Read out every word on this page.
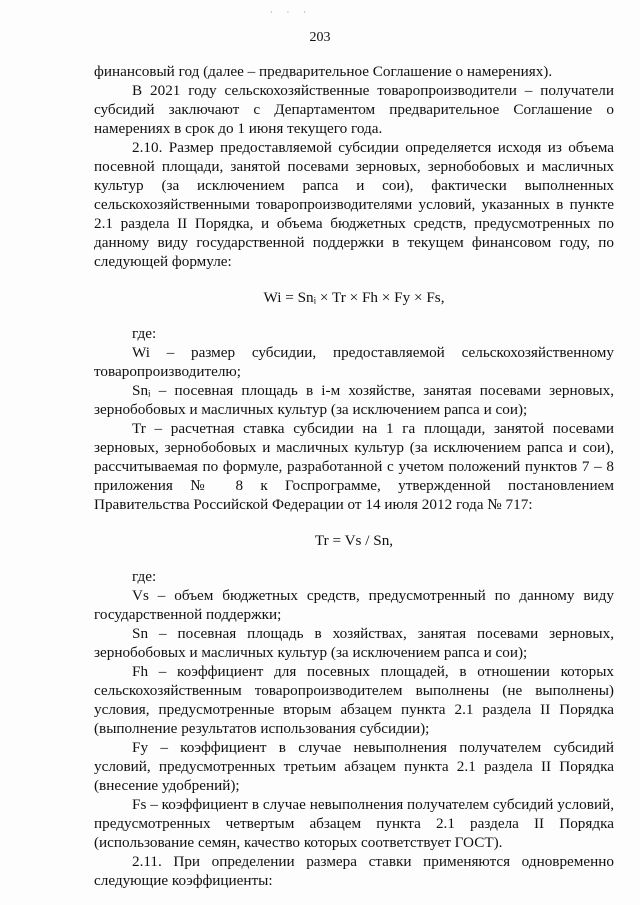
· · ·
203

финансовый год (далее – предварительное Соглашение о намерениях).

В 2021 году сельскохозяйственные товаропроизводители – получатели субсидий заключают с Департаментом предварительное Соглашение о намерениях в срок до 1 июня текущего года.

2.10. Размер предоставляемой субсидии определяется исходя из объема посевной площади, занятой посевами зерновых, зернобобовых и масличных культур (за исключением рапса и сои), фактически выполненных сельскохозяйственными товаропроизводителями условий, указанных в пункте 2.1 раздела II Порядка, и объема бюджетных средств, предусмотренных по данному виду государственной поддержки в текущем финансовом году, по следующей формуле:

Wi = Snᵢ × Tr × Fh × Fy × Fs,

где:

Wi – размер субсидии, предоставляемой сельскохозяйственному товаропроизводителю;

Snᵢ – посевная площадь в i-м хозяйстве, занятая посевами зерновых, зернобобовых и масличных культур (за исключением рапса и сои);

Tr – расчетная ставка субсидии на 1 га площади, занятой посевами зерновых, зернобобовых и масличных культур (за исключением рапса и сои), рассчитываемая по формуле, разработанной с учетом положений пунктов 7 – 8 приложения № 8 к Госпрограмме, утвержденной постановлением Правительства Российской Федерации от 14 июля 2012 года № 717:

Tr = Vs / Sn,

где:

Vs – объем бюджетных средств, предусмотренный по данному виду государственной поддержки;

Sn – посевная площадь в хозяйствах, занятая посевами зерновых, зернобобовых и масличных культур (за исключением рапса и сои);

Fh – коэффициент для посевных площадей, в отношении которых сельскохозяйственным товаропроизводителем выполнены (не выполнены) условия, предусмотренные вторым абзацем пункта 2.1 раздела II Порядка (выполнение результатов использования субсидии);

Fy – коэффициент в случае невыполнения получателем субсидий условий, предусмотренных третьим абзацем пункта 2.1 раздела II Порядка (внесение удобрений);

Fs – коэффициент в случае невыполнения получателем субсидий условий, предусмотренных четвертым абзацем пункта 2.1 раздела II Порядка (использование семян, качество которых соответствует ГОСТ).

2.11. При определении размера ставки применяются одновременно следующие коэффициенты:
